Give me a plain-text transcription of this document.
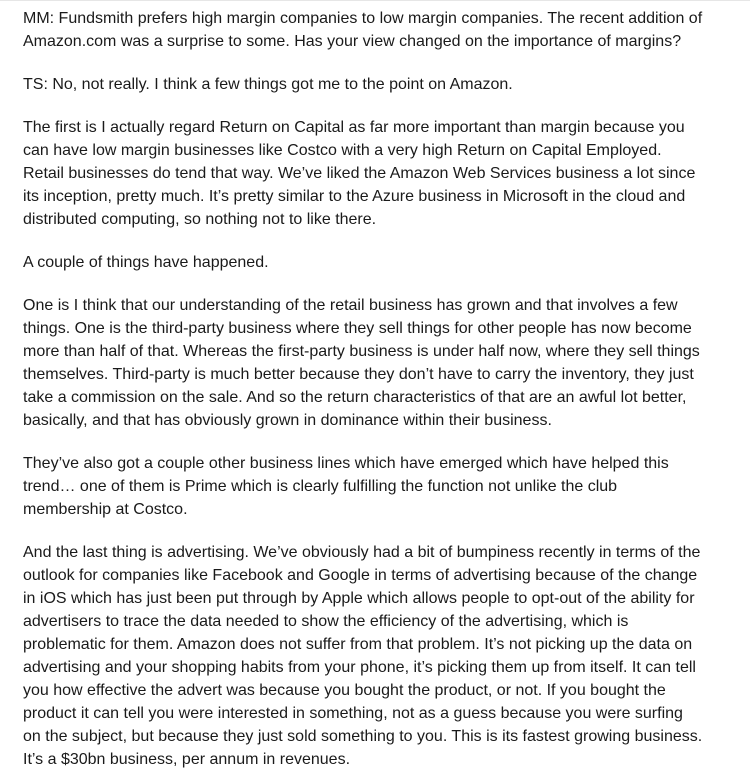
MM: Fundsmith prefers high margin companies to low margin companies. The recent addition of
Amazon.com was a surprise to some. Has your view changed on the importance of margins?

TS: No, not really. I think a few things got me to the point on Amazon.

The first is I actually regard Return on Capital as far more important than margin because you
can have low margin businesses like Costco with a very high Return on Capital Employed.
Retail businesses do tend that way. We’ve liked the Amazon Web Services business a lot since
its inception, pretty much. It’s pretty similar to the Azure business in Microsoft in the cloud and
distributed computing, so nothing not to like there.

A couple of things have happened.

One is I think that our understanding of the retail business has grown and that involves a few
things. One is the third-party business where they sell things for other people has now become
more than half of that. Whereas the first-party business is under half now, where they sell things
themselves. Third-party is much better because they don’t have to carry the inventory, they just
take a commission on the sale. And so the return characteristics of that are an awful lot better,
basically, and that has obviously grown in dominance within their business.

They’ve also got a couple other business lines which have emerged which have helped this
trend… one of them is Prime which is clearly fulfilling the function not unlike the club
membership at Costco.

And the last thing is advertising. We’ve obviously had a bit of bumpiness recently in terms of the
outlook for companies like Facebook and Google in terms of advertising because of the change
in iOS which has just been put through by Apple which allows people to opt-out of the ability for
advertisers to trace the data needed to show the efficiency of the advertising, which is
problematic for them. Amazon does not suffer from that problem. It’s not picking up the data on
advertising and your shopping habits from your phone, it’s picking them up from itself. It can tell
you how effective the advert was because you bought the product, or not. If you bought the
product it can tell you were interested in something, not as a guess because you were surfing
on the subject, but because they just sold something to you. This is its fastest growing business.
It’s a $30bn business, per annum in revenues.
